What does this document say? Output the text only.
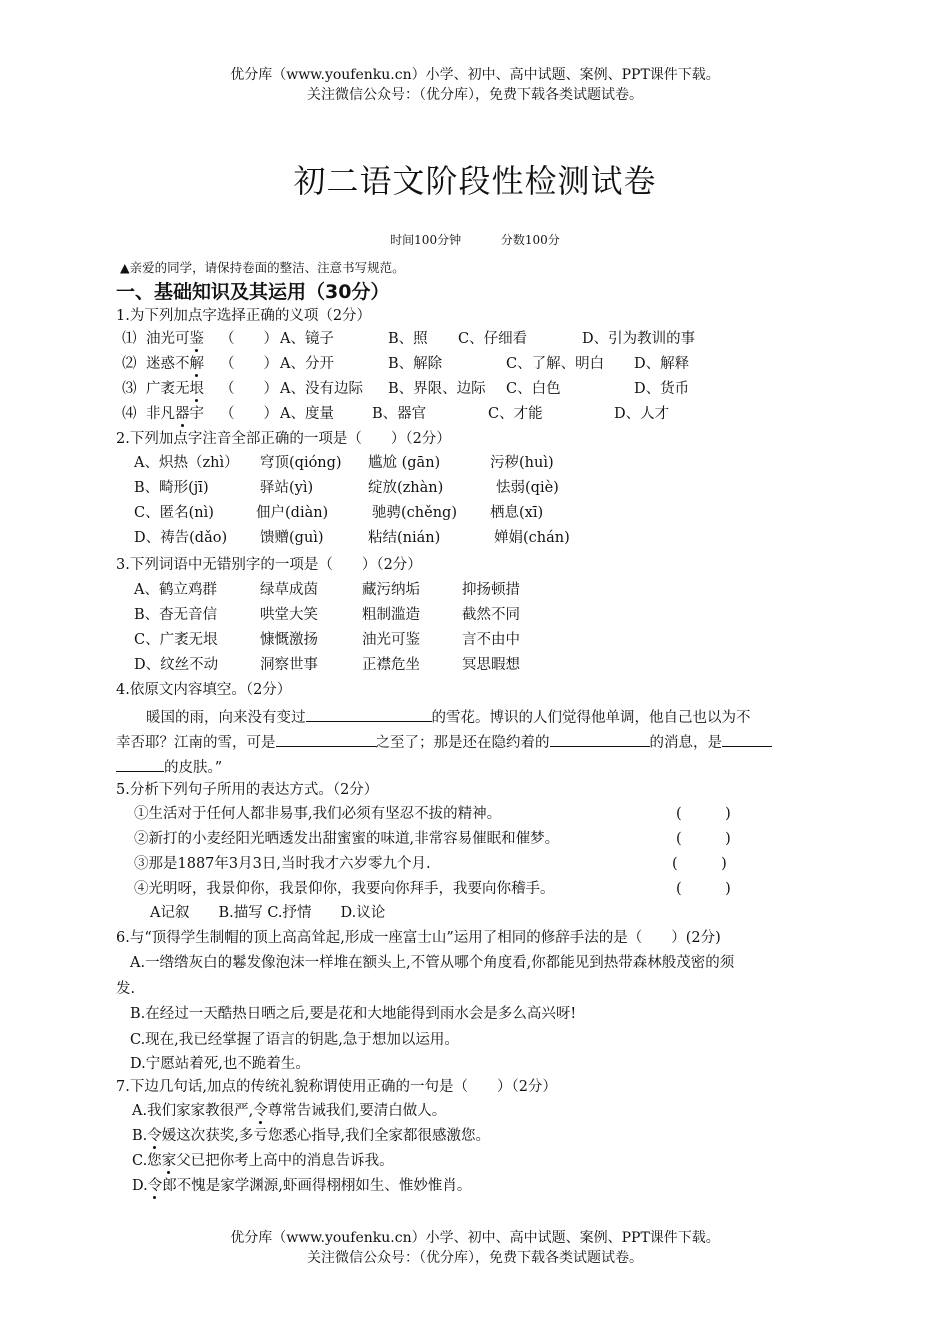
优分库（www.youfenku.cn）小学、初中、高中试题、案例、PPT课件下载。
关注微信公众号：（优分库），免费下载各类试题试卷。
初二语文阶段性检测试卷
时间100分钟	分数100分
▲亲爱的同学，请保持卷面的整洁、注意书写规范。
一、基础知识及其运用（30分）
1.为下列加点字选择正确的义项（2分）
⑴ 油光可鉴 （　　） A、镜子	B、照 C、仔细看	D、引为教训的事
⑵ 迷惑不解 （　　） A、分开	B、解除	C、了解、明白 D、解释
⑶ 广袤无垠 （　　） A、没有边际 B、界限、边际 C、白色	D、货币
⑷ 非凡器宇 （　　） A、度量	B、器官	C、才能	D、人才
2.下列加点字注音全部正确的一项是（　　）（2分）
A、炽热（zhì） 穹顶(qióng) 尴尬 (gān)	污秽(huì)
B、畸形(jī)	驿站(yì)	绽放(zhàn)	怯弱(qiè)
C、匿名(nì)	佃户(diàn)	驰骋(chěng) 栖息(xī)
D、祷告(dǎo) 馈赠(guì)	粘结(nián)	婵娟(chán)
3.下列词语中无错别字的一项是（　　）（2分）
A、鹤立鸡群	绿草成茵	藏污纳垢	抑扬顿措
B、杳无音信	哄堂大笑	粗制滥造	截然不同
C、广袤无垠	慷慨激扬	油光可鉴	言不由中
D、纹丝不动	洞察世事	正襟危坐	冥思暇想
4.依原文内容填空。（2分）
暖国的雨，向来没有变过	的雪花。博识的人们觉得他单调，他自己也以为不
幸否耶？江南的雪，可是	之至了；那是还在隐约着的	的消息，是
的皮肤。”
5.分析下列句子所用的表达方式。（2分）
①生活对于任何人都非易事,我们必须有坚忍不拔的精神。	(　　　)
②新打的小麦经阳光晒透发出甜蜜蜜的味道,非常容易催眠和催梦。	(　　　)
③那是1887年3月3日,当时我才六岁零九个月.	(　　　)
④光明呀，我景仰你，我景仰你，我要向你拜手，我要向你稽手。	(　　　)
A记叙　　B.描写 C.抒情　　D.议论
6.与“顶得学生制帽的顶上高高耸起,形成一座富士山”运用了相同的修辞手法的是（　　）(2分)
A.一绺绺灰白的鬈发像泡沫一样堆在额头上,不管从哪个角度看,你都能见到热带森林般茂密的须
发.
B.在经过一天酷热日晒之后,要是花和大地能得到雨水会是多么高兴呀!
C.现在,我已经掌握了语言的钥匙,急于想加以运用。
D.宁愿站着死,也不跪着生。
7.下边几句话,加点的传统礼貌称谓使用正确的一句是（　　）（2分）
A.我们家家教很严,令尊常告诫我们,要清白做人。
B.令媛这次获奖,多亏您悉心指导,我们全家都很感激您。
C.您家父已把你考上高中的消息告诉我。
D.令郎不愧是家学渊源,虾画得栩栩如生、惟妙惟肖。
优分库（www.youfenku.cn）小学、初中、高中试题、案例、PPT课件下载。
关注微信公众号：（优分库），免费下载各类试题试卷。
